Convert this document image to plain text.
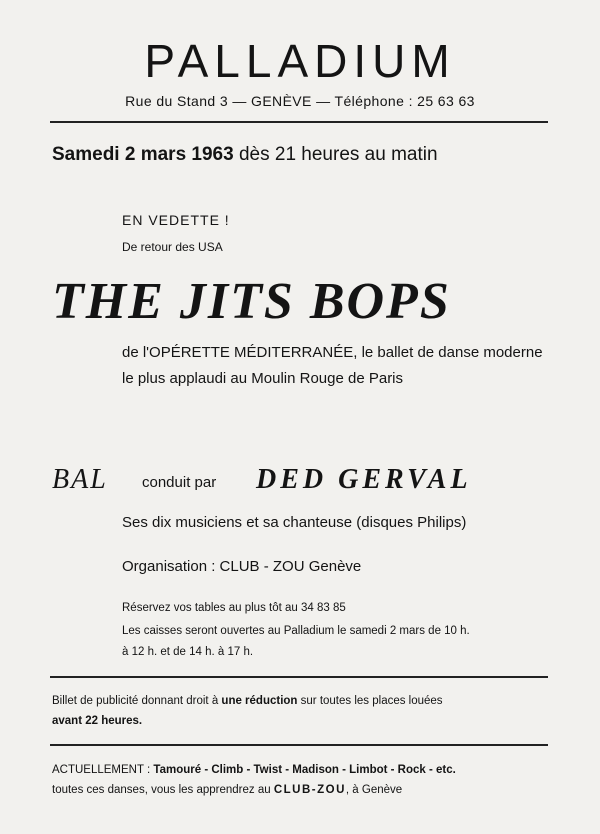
PALLADIUM
Rue du Stand 3 — GENÈVE — Téléphone : 25 63 63
Samedi 2 mars 1963 dès 21 heures au matin
EN VEDETTE !
De retour des USA
THE JITS BOPS
de l'OPÉRETTE MÉDITERRANÉE, le ballet de danse moderne le plus applaudi au Moulin Rouge de Paris
BAL conduit par DED GERVAL
Ses dix musiciens et sa chanteuse (disques Philips)
Organisation : CLUB - ZOU Genève
Réservez vos tables au plus tôt au 34 83 85
Les caisses seront ouvertes au Palladium le samedi 2 mars de 10 h.
à 12 h. et de 14 h. à 17 h.
Billet de publicité donnant droit à une réduction sur toutes les places louées
avant 22 heures.
ACTUELLEMENT : Tamouré - Climb - Twist - Madison - Limbot - Rock - etc.
toutes ces danses, vous les apprendrez au CLUB-ZOU, à Genève
